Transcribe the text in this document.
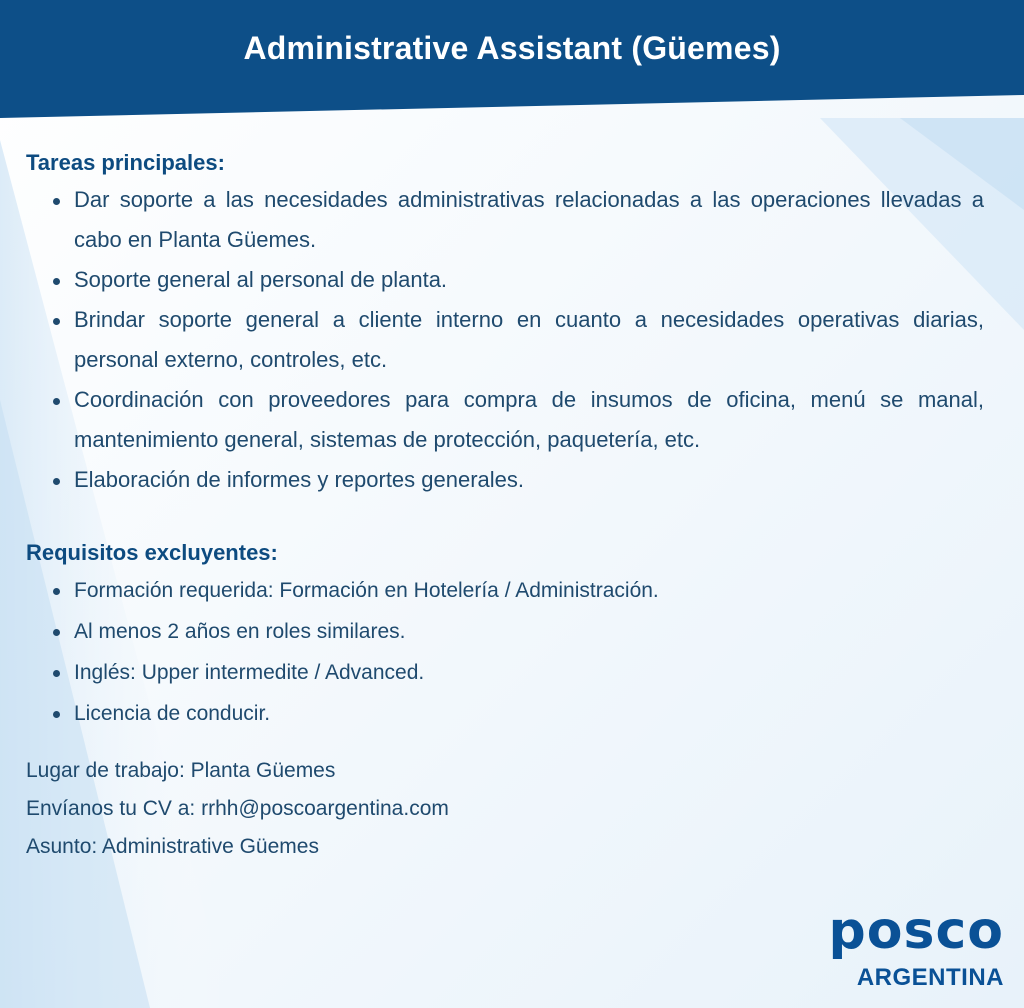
Administrative Assistant (Güemes)
Tareas principales:
Dar soporte a las necesidades administrativas relacionadas a las operaciones llevadas a cabo en Planta Güemes.
Soporte general al personal de planta.
Brindar soporte general a cliente interno en cuanto a necesidades operativas diarias, personal externo, controles, etc.
Coordinación con proveedores para compra de insumos de oficina, menú se manal, mantenimiento general, sistemas de protección, paquetería, etc.
Elaboración de informes y reportes generales.
Requisitos excluyentes:
Formación requerida: Formación en Hotelería / Administración.
Al menos 2 años en roles similares.
Inglés: Upper intermedite / Advanced.
Licencia de conducir.
Lugar de trabajo: Planta Güemes
Envíanos tu CV a: rrhh@poscoargentina.com
Asunto: Administrative Güemes
posco
ARGENTINA
